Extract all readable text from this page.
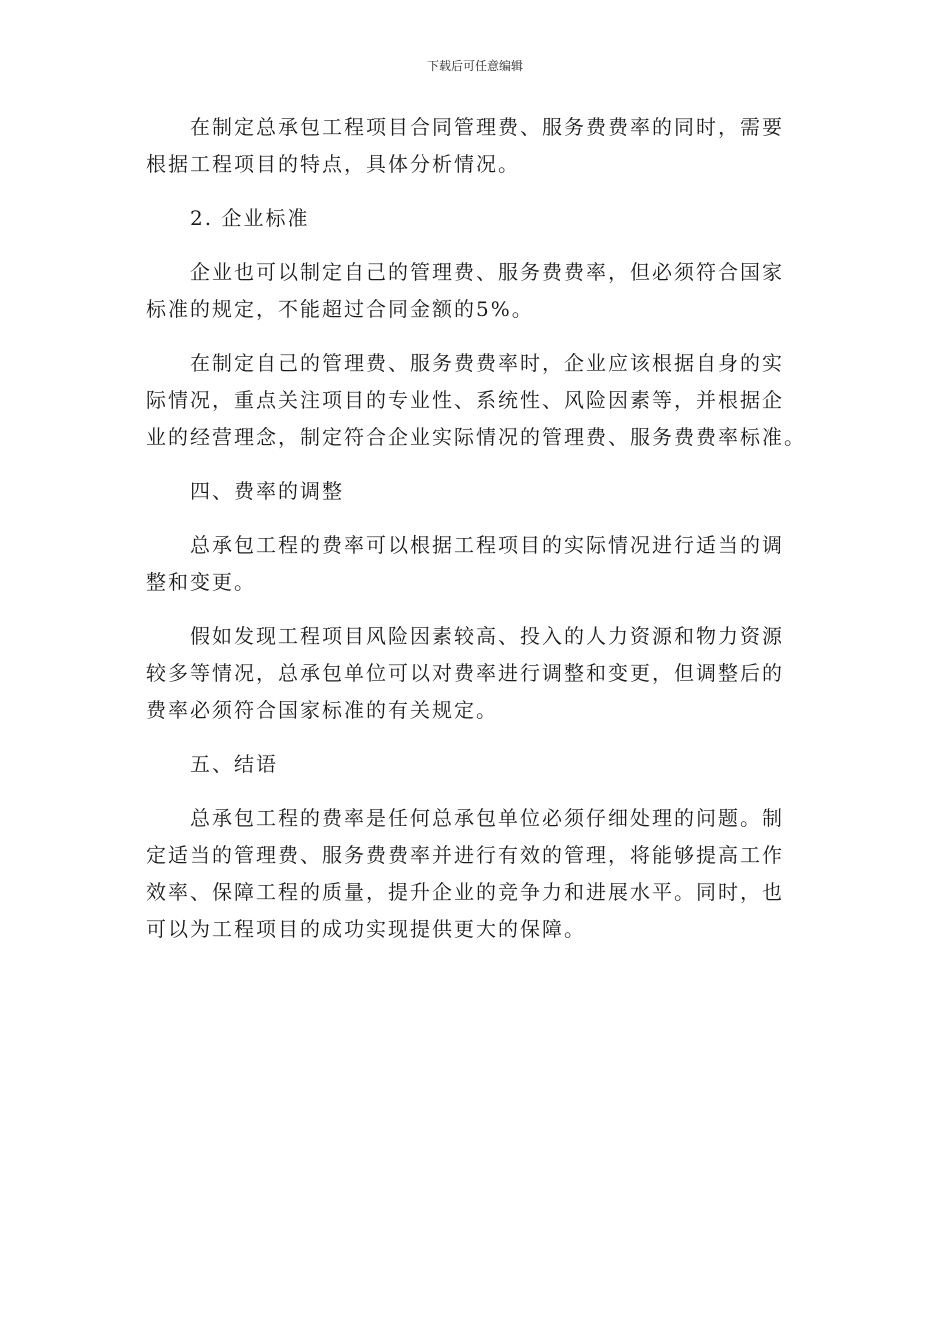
下载后可任意编辑
在制定总承包工程项目合同管理费、服务费费率的同时，需要
根据工程项目的特点，具体分析情况。
2. 企业标准
企业也可以制定自己的管理费、服务费费率，但必须符合国家
标准的规定，不能超过合同金额的5%。
在制定自己的管理费、服务费费率时，企业应该根据自身的实
际情况，重点关注项目的专业性、系统性、风险因素等，并根据企
业的经营理念，制定符合企业实际情况的管理费、服务费费率标准。
四、费率的调整
总承包工程的费率可以根据工程项目的实际情况进行适当的调
整和变更。
假如发现工程项目风险因素较高、投入的人力资源和物力资源
较多等情况，总承包单位可以对费率进行调整和变更，但调整后的
费率必须符合国家标准的有关规定。
五、结语
总承包工程的费率是任何总承包单位必须仔细处理的问题。制
定适当的管理费、服务费费率并进行有效的管理，将能够提高工作
效率、保障工程的质量，提升企业的竞争力和进展水平。同时，也
可以为工程项目的成功实现提供更大的保障。
